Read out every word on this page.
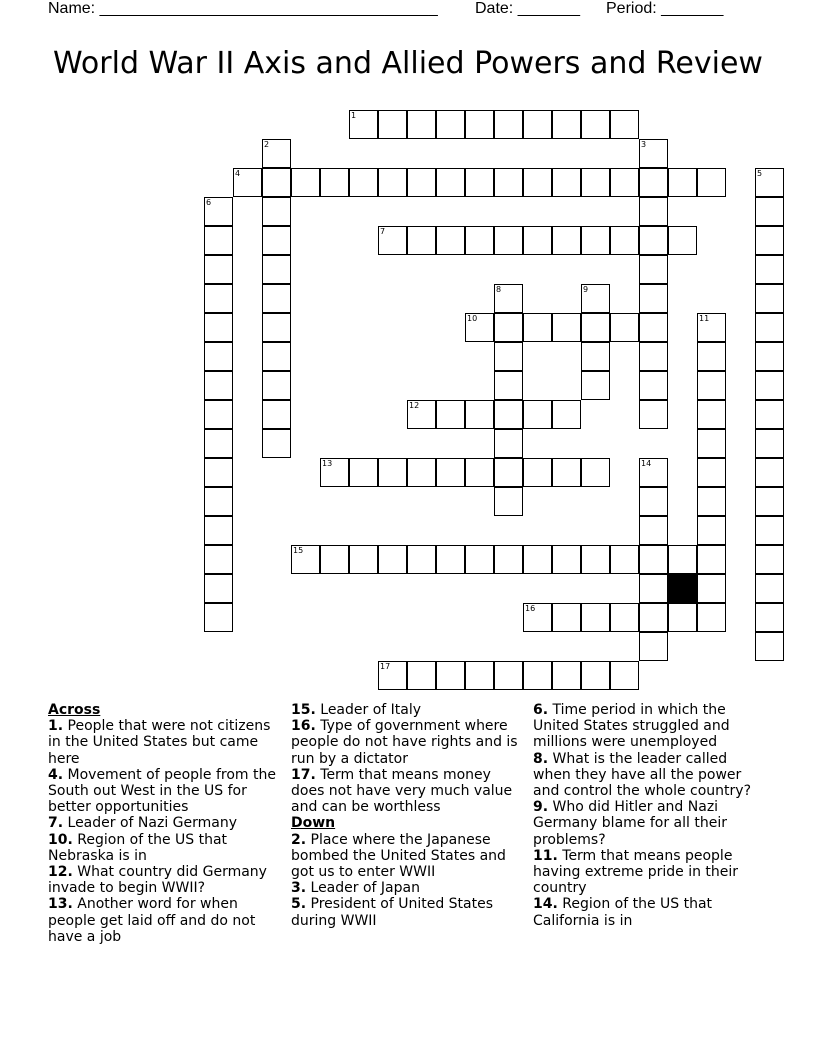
Name: ______________________________________ Date: _______ Period: _______
World War II Axis and Allied Powers and Review
1
2	3
4	5
6
7
8	9
10	11
12
13	14
15
16
17
Across
1. People that were not citizens in the United States but came here
4. Movement of people from the South out West in the US for better opportunities
7. Leader of Nazi Germany
10. Region of the US that Nebraska is in
12. What country did Germany invade to begin WWII?
13. Another word for when people get laid off and do not have a job
15. Leader of Italy
16. Type of government where people do not have rights and is run by a dictator
17. Term that means money does not have very much value and can be worthless
Down
2. Place where the Japanese bombed the United States and got us to enter WWII
3. Leader of Japan
5. President of United States during WWII
6. Time period in which the United States struggled and millions were unemployed
8. What is the leader called when they have all the power and control the whole country?
9. Who did Hitler and Nazi Germany blame for all their problems?
11. Term that means people having extreme pride in their country
14. Region of the US that California is in
